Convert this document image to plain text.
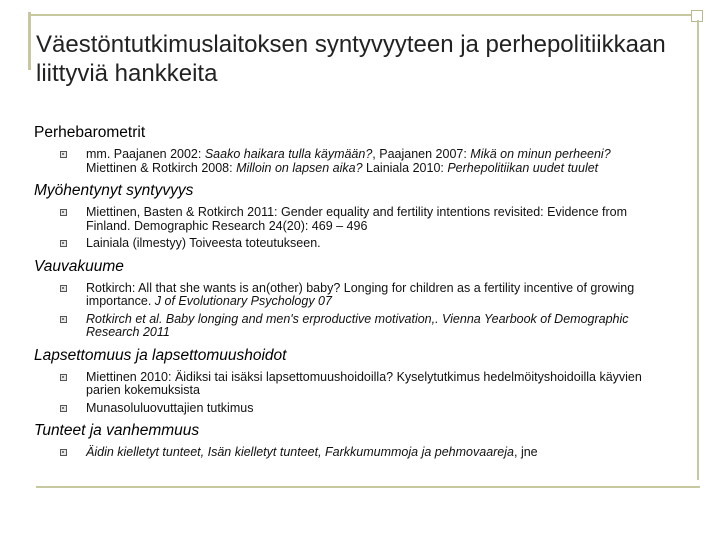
Väestöntutkimuslaitoksen syntyvyyteen ja perhepolitiikkaan liittyviä hankkeita

Perhebarometrit

mm. Paajanen 2002: Saako haikara tulla käymään?, Paajanen 2007: Mikä on minun perheeni? Miettinen & Rotkirch 2008: Milloin on lapsen aika? Lainiala 2010: Perhepolitiikan uudet tuulet

Myöhentynyt syntyvyys

Miettinen, Basten & Rotkirch 2011: Gender equality and fertility intentions revisited: Evidence from Finland. Demographic Research 24(20): 469 – 496
Lainiala (ilmestyy) Toiveesta toteutukseen.

Vauvakuume

Rotkirch: All that she wants is an(other) baby? Longing for children as a fertility incentive of growing importance. J of Evolutionary Psychology 07
Rotkirch et al. Baby longing and men's erproductive motivation,. Vienna Yearbook of Demographic Research 2011

Lapsettomuus ja lapsettomuushoidot

Miettinen 2010: Äidiksi tai isäksi lapsettomuushoidoilla? Kyselytutkimus hedelmöityshoidoilla käyvien parien kokemuksista
Munasoluluovuttajien tutkimus

Tunteet ja vanhemmuus

Äidin kielletyt tunteet, Isän kielletyt tunteet, Farkkumummoja ja pehmovaareja, jne
